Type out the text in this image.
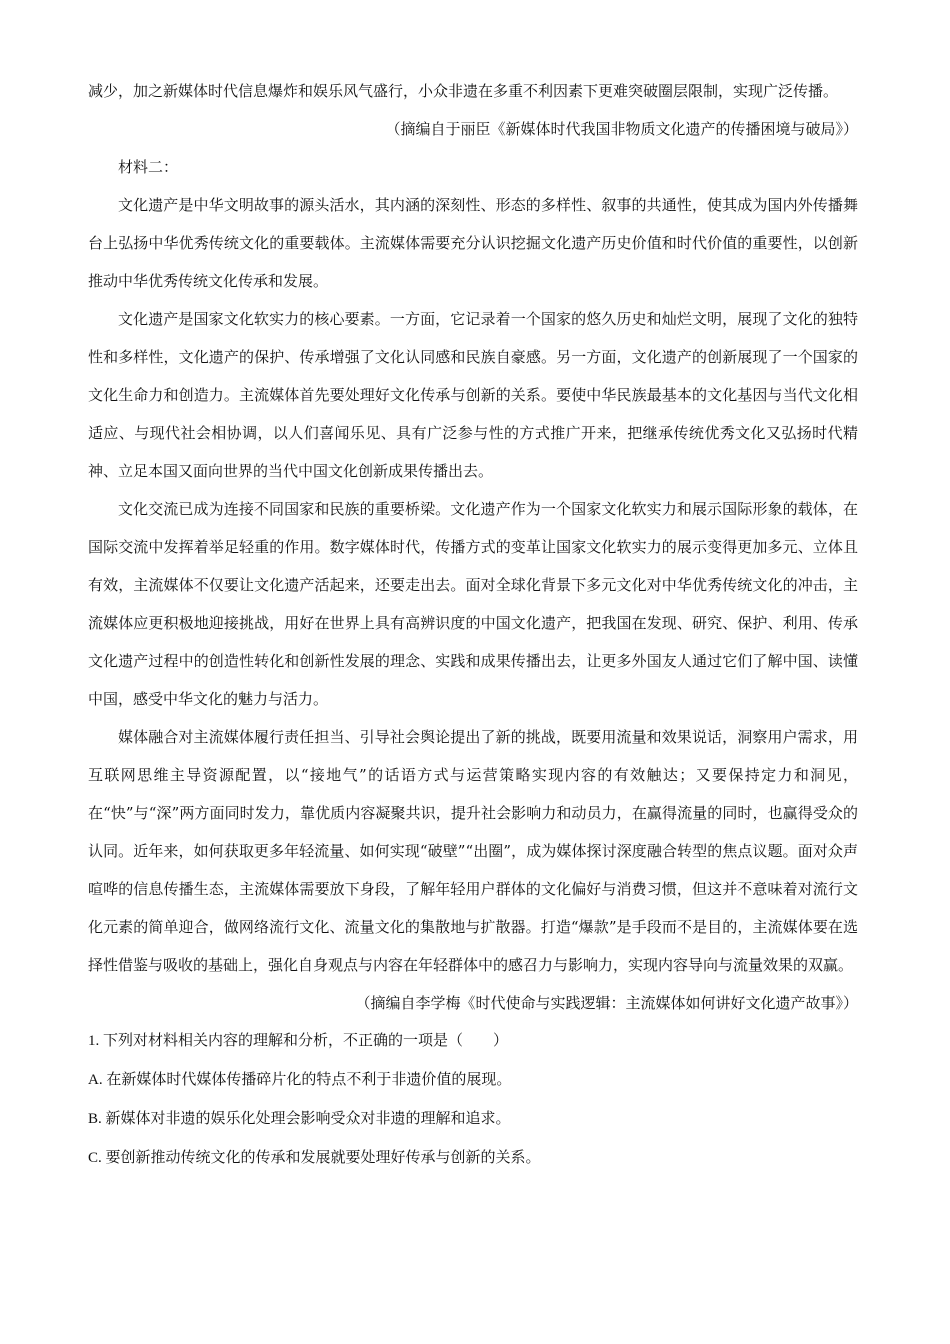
减少，加之新媒体时代信息爆炸和娱乐风气盛行，小众非遗在多重不利因素下更难突破圈层限制，实现广泛传播。

（摘编自于丽臣《新媒体时代我国非物质文化遗产的传播困境与破局》）

材料二：

文化遗产是中华文明故事的源头活水，其内涵的深刻性、形态的多样性、叙事的共通性，使其成为国内外传播舞台上弘扬中华优秀传统文化的重要载体。主流媒体需要充分认识挖掘文化遗产历史价值和时代价值的重要性，以创新推动中华优秀传统文化传承和发展。

文化遗产是国家文化软实力的核心要素。一方面，它记录着一个国家的悠久历史和灿烂文明，展现了文化的独特性和多样性，文化遗产的保护、传承增强了文化认同感和民族自豪感。另一方面，文化遗产的创新展现了一个国家的文化生命力和创造力。主流媒体首先要处理好文化传承与创新的关系。要使中华民族最基本的文化基因与当代文化相适应、与现代社会相协调，以人们喜闻乐见、具有广泛参与性的方式推广开来，把继承传统优秀文化又弘扬时代精神、立足本国又面向世界的当代中国文化创新成果传播出去。

文化交流已成为连接不同国家和民族的重要桥梁。文化遗产作为一个国家文化软实力和展示国际形象的载体，在国际交流中发挥着举足轻重的作用。数字媒体时代，传播方式的变革让国家文化软实力的展示变得更加多元、立体且有效，主流媒体不仅要让文化遗产活起来，还要走出去。面对全球化背景下多元文化对中华优秀传统文化的冲击，主流媒体应更积极地迎接挑战，用好在世界上具有高辨识度的中国文化遗产，把我国在发现、研究、保护、利用、传承文化遗产过程中的创造性转化和创新性发展的理念、实践和成果传播出去，让更多外国友人通过它们了解中国、读懂中国，感受中华文化的魅力与活力。

媒体融合对主流媒体履行责任担当、引导社会舆论提出了新的挑战，既要用流量和效果说话，洞察用户需求，用互联网思维主导资源配置，以“接地气”的话语方式与运营策略实现内容的有效触达；又要保持定力和洞见，在“快”与“深”两方面同时发力，靠优质内容凝聚共识，提升社会影响力和动员力，在赢得流量的同时，也赢得受众的认同。近年来，如何获取更多年轻流量、如何实现“破壁”“出圈”，成为媒体探讨深度融合转型的焦点议题。面对众声喧哗的信息传播生态，主流媒体需要放下身段，了解年轻用户群体的文化偏好与消费习惯，但这并不意味着对流行文化元素的简单迎合，做网络流行文化、流量文化的集散地与扩散器。打造“爆款”是手段而不是目的，主流媒体要在选择性借鉴与吸收的基础上，强化自身观点与内容在年轻群体中的感召力与影响力，实现内容导向与流量效果的双赢。

（摘编自李学梅《时代使命与实践逻辑：主流媒体如何讲好文化遗产故事》）

1. 下列对材料相关内容的理解和分析，不正确的一项是（　　）

A. 在新媒体时代媒体传播碎片化的特点不利于非遗价值的展现。

B. 新媒体对非遗的娱乐化处理会影响受众对非遗的理解和追求。

C. 要创新推动传统文化的传承和发展就要处理好传承与创新的关系。
